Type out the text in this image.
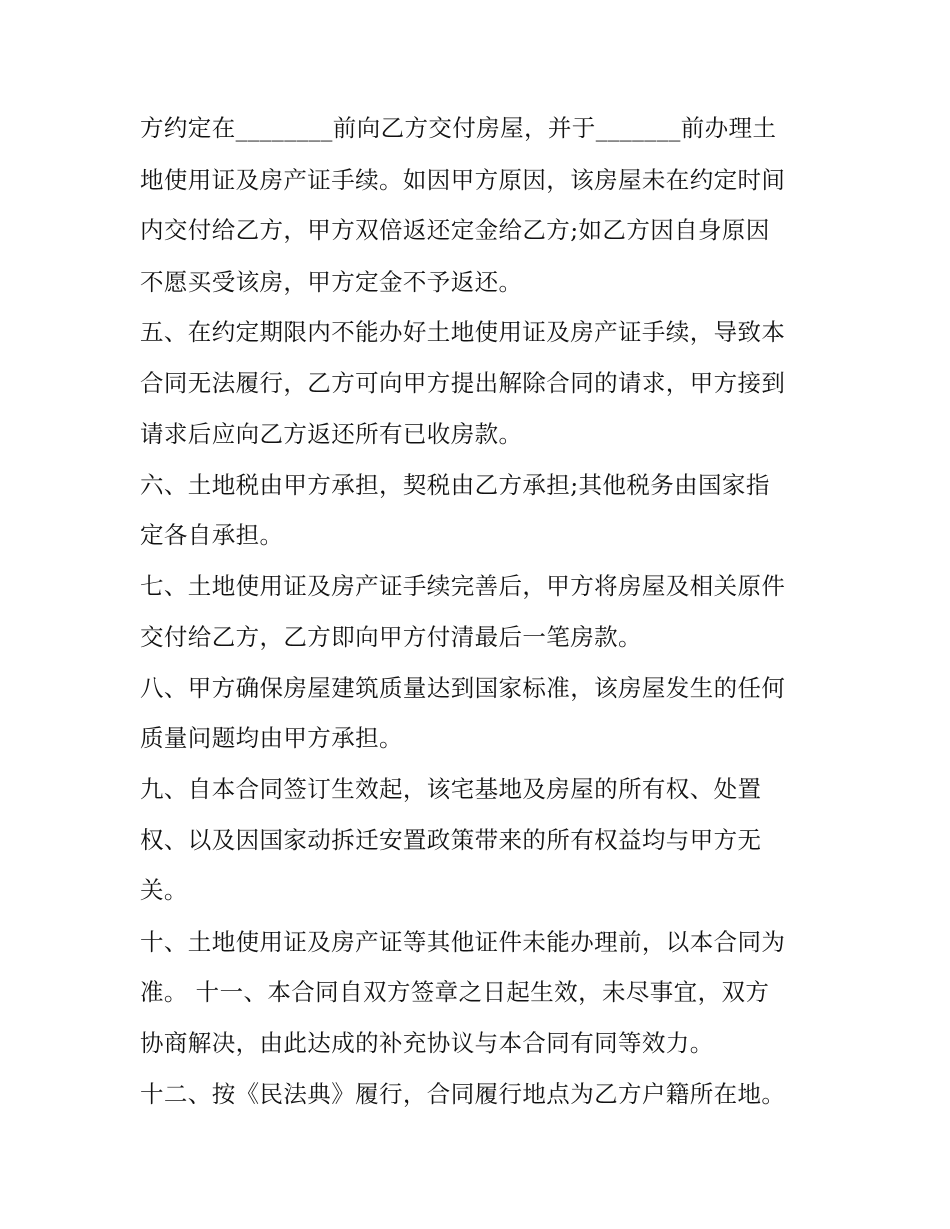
方约定在________前向乙方交付房屋，并于_______前办理土
地使用证及房产证手续。如因甲方原因，该房屋未在约定时间
内交付给乙方，甲方双倍返还定金给乙方;如乙方因自身原因
不愿买受该房，甲方定金不予返还。
五、在约定期限内不能办好土地使用证及房产证手续，导致本
合同无法履行，乙方可向甲方提出解除合同的请求，甲方接到
请求后应向乙方返还所有已收房款。
六、土地税由甲方承担，契税由乙方承担;其他税务由国家指
定各自承担。
七、土地使用证及房产证手续完善后，甲方将房屋及相关原件
交付给乙方，乙方即向甲方付清最后一笔房款。
八、甲方确保房屋建筑质量达到国家标准，该房屋发生的任何
质量问题均由甲方承担。
九、自本合同签订生效起，该宅基地及房屋的所有权、处置
权、以及因国家动拆迁安置政策带来的所有权益均与甲方无
关。
十、土地使用证及房产证等其他证件未能办理前，以本合同为
准。 十一、本合同自双方签章之日起生效，未尽事宜，双方
协商解决，由此达成的补充协议与本合同有同等效力。
十二、按《民法典》履行，合同履行地点为乙方户籍所在地。
